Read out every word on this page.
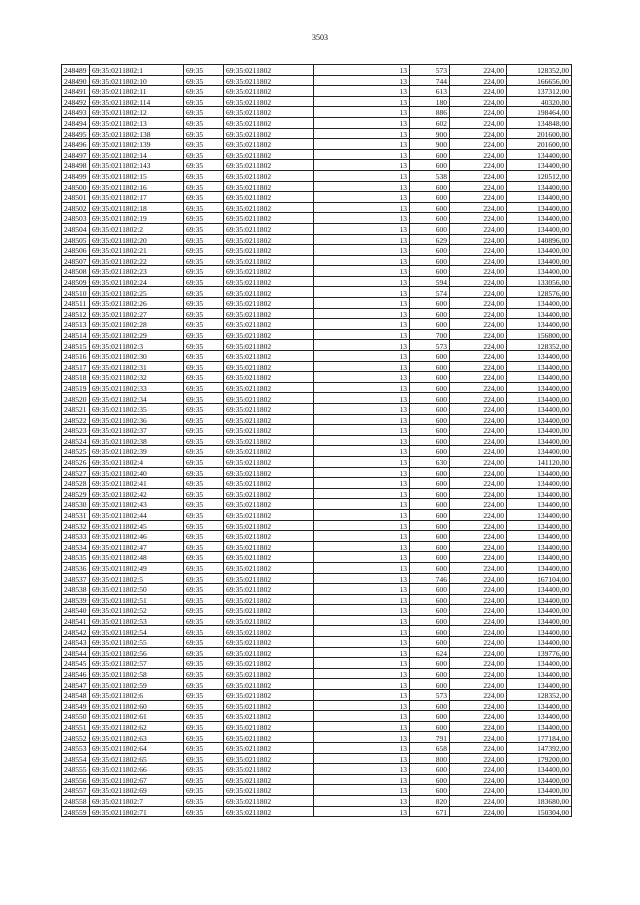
3503
248489	69:35:0211802:1	69:35	69:35:0211802	13	573	224,00	128352,00
248490	69:35:0211802:10	69:35	69:35:0211802	13	744	224,00	166656,00
248491	69:35:0211802:11	69:35	69:35:0211802	13	613	224,00	137312,00
248492	69:35:0211802:114	69:35	69:35:0211802	13	180	224,00	40320,00
248493	69:35:0211802:12	69:35	69:35:0211802	13	886	224,00	198464,00
248494	69:35:0211802:13	69:35	69:35:0211802	13	602	224,00	134848,00
248495	69:35:0211802:138	69:35	69:35:0211802	13	900	224,00	201600,00
248496	69:35:0211802:139	69:35	69:35:0211802	13	900	224,00	201600,00
248497	69:35:0211802:14	69:35	69:35:0211802	13	600	224,00	134400,00
248498	69:35:0211802:143	69:35	69:35:0211802	13	600	224,00	134400,00
248499	69:35:0211802:15	69:35	69:35:0211802	13	538	224,00	120512,00
248500	69:35:0211802:16	69:35	69:35:0211802	13	600	224,00	134400,00
248501	69:35:0211802:17	69:35	69:35:0211802	13	600	224,00	134400,00
248502	69:35:0211802:18	69:35	69:35:0211802	13	600	224,00	134400,00
248503	69:35:0211802:19	69:35	69:35:0211802	13	600	224,00	134400,00
248504	69:35:0211802:2	69:35	69:35:0211802	13	600	224,00	134400,00
248505	69:35:0211802:20	69:35	69:35:0211802	13	629	224,00	140896,00
248506	69:35:0211802:21	69:35	69:35:0211802	13	600	224,00	134400,00
248507	69:35:0211802:22	69:35	69:35:0211802	13	600	224,00	134400,00
248508	69:35:0211802:23	69:35	69:35:0211802	13	600	224,00	134400,00
248509	69:35:0211802:24	69:35	69:35:0211802	13	594	224,00	133056,00
248510	69:35:0211802:25	69:35	69:35:0211802	13	574	224,00	128576,00
248511	69:35:0211802:26	69:35	69:35:0211802	13	600	224,00	134400,00
248512	69:35:0211802:27	69:35	69:35:0211802	13	600	224,00	134400,00
248513	69:35:0211802:28	69:35	69:35:0211802	13	600	224,00	134400,00
248514	69:35:0211802:29	69:35	69:35:0211802	13	700	224,00	156800,00
248515	69:35:0211802:3	69:35	69:35:0211802	13	573	224,00	128352,00
248516	69:35:0211802:30	69:35	69:35:0211802	13	600	224,00	134400,00
248517	69:35:0211802:31	69:35	69:35:0211802	13	600	224,00	134400,00
248518	69:35:0211802:32	69:35	69:35:0211802	13	600	224,00	134400,00
248519	69:35:0211802:33	69:35	69:35:0211802	13	600	224,00	134400,00
248520	69:35:0211802:34	69:35	69:35:0211802	13	600	224,00	134400,00
248521	69:35:0211802:35	69:35	69:35:0211802	13	600	224,00	134400,00
248522	69:35:0211802:36	69:35	69:35:0211802	13	600	224,00	134400,00
248523	69:35:0211802:37	69:35	69:35:0211802	13	600	224,00	134400,00
248524	69:35:0211802:38	69:35	69:35:0211802	13	600	224,00	134400,00
248525	69:35:0211802:39	69:35	69:35:0211802	13	600	224,00	134400,00
248526	69:35:0211802:4	69:35	69:35:0211802	13	630	224,00	141120,00
248527	69:35:0211802:40	69:35	69:35:0211802	13	600	224,00	134400,00
248528	69:35:0211802:41	69:35	69:35:0211802	13	600	224,00	134400,00
248529	69:35:0211802:42	69:35	69:35:0211802	13	600	224,00	134400,00
248530	69:35:0211802:43	69:35	69:35:0211802	13	600	224,00	134400,00
248531	69:35:0211802:44	69:35	69:35:0211802	13	600	224,00	134400,00
248532	69:35:0211802:45	69:35	69:35:0211802	13	600	224,00	134400,00
248533	69:35:0211802:46	69:35	69:35:0211802	13	600	224,00	134400,00
248534	69:35:0211802:47	69:35	69:35:0211802	13	600	224,00	134400,00
248535	69:35:0211802:48	69:35	69:35:0211802	13	600	224,00	134400,00
248536	69:35:0211802:49	69:35	69:35:0211802	13	600	224,00	134400,00
248537	69:35:0211802:5	69:35	69:35:0211802	13	746	224,00	167104,00
248538	69:35:0211802:50	69:35	69:35:0211802	13	600	224,00	134400,00
248539	69:35:0211802:51	69:35	69:35:0211802	13	600	224,00	134400,00
248540	69:35:0211802:52	69:35	69:35:0211802	13	600	224,00	134400,00
248541	69:35:0211802:53	69:35	69:35:0211802	13	600	224,00	134400,00
248542	69:35:0211802:54	69:35	69:35:0211802	13	600	224,00	134400,00
248543	69:35:0211802:55	69:35	69:35:0211802	13	600	224,00	134400,00
248544	69:35:0211802:56	69:35	69:35:0211802	13	624	224,00	139776,00
248545	69:35:0211802:57	69:35	69:35:0211802	13	600	224,00	134400,00
248546	69:35:0211802:58	69:35	69:35:0211802	13	600	224,00	134400,00
248547	69:35:0211802:59	69:35	69:35:0211802	13	600	224,00	134400,00
248548	69:35:0211802:6	69:35	69:35:0211802	13	573	224,00	128352,00
248549	69:35:0211802:60	69:35	69:35:0211802	13	600	224,00	134400,00
248550	69:35:0211802:61	69:35	69:35:0211802	13	600	224,00	134400,00
248551	69:35:0211802:62	69:35	69:35:0211802	13	600	224,00	134400,00
248552	69:35:0211802:63	69:35	69:35:0211802	13	791	224,00	177184,00
248553	69:35:0211802:64	69:35	69:35:0211802	13	658	224,00	147392,00
248554	69:35:0211802:65	69:35	69:35:0211802	13	800	224,00	179200,00
248555	69:35:0211802:66	69:35	69:35:0211802	13	600	224,00	134400,00
248556	69:35:0211802:67	69:35	69:35:0211802	13	600	224,00	134400,00
248557	69:35:0211802:69	69:35	69:35:0211802	13	600	224,00	134400,00
248558	69:35:0211802:7	69:35	69:35:0211802	13	820	224,00	183680,00
248559	69:35:0211802:71	69:35	69:35:0211802	13	671	224,00	150304,00
